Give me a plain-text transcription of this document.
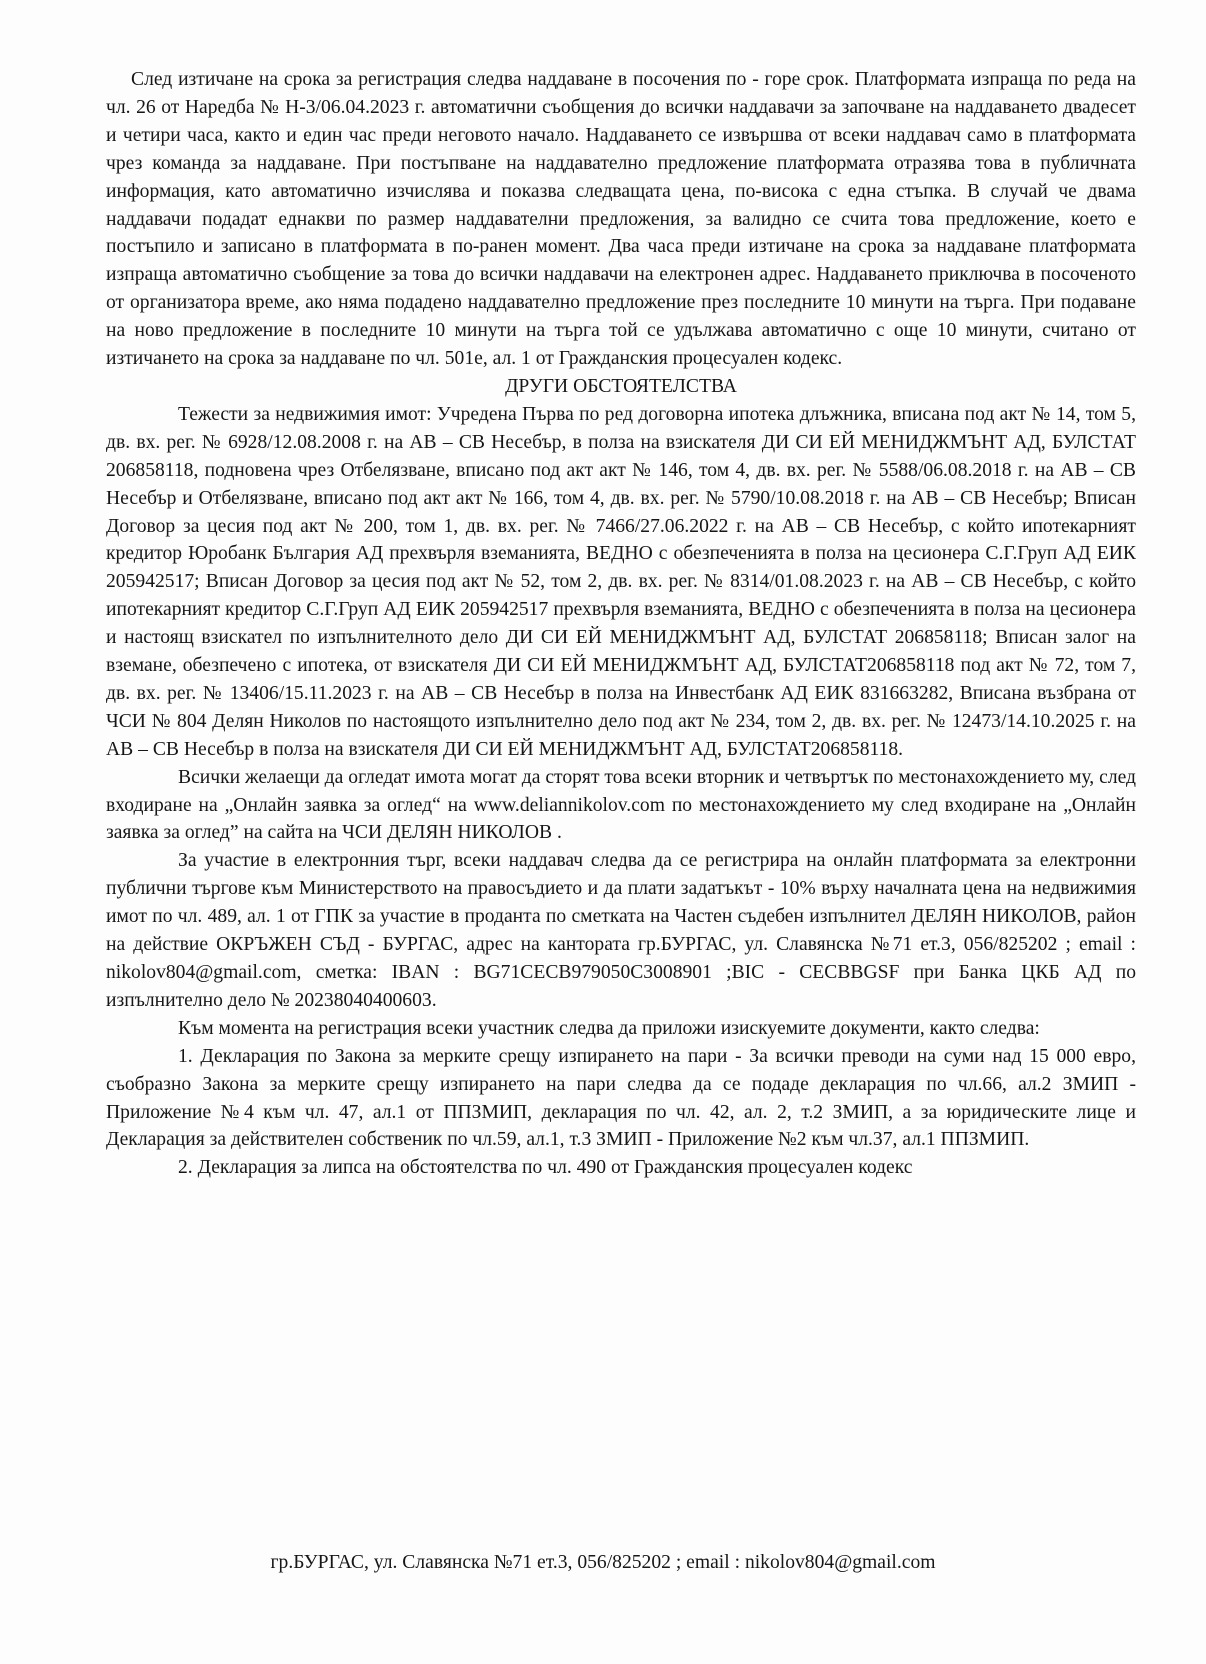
След изтичане на срока за регистрация следва наддаване в посочения по - горе срок. Платформата изпраща по реда на чл. 26 от Наредба № Н-3/06.04.2023 г. автоматични съобщения до всички наддавачи за започване на наддаването двадесет и четири часа, както и един час преди неговото начало. Наддаването се извършва от всеки наддавач само в платформата чрез команда за наддаване. При постъпване на наддавателно предложение платформата отразява това в публичната информация, като автоматично изчислява и показва следващата цена, по-висока с една стъпка. В случай че двама наддавачи подадат еднакви по размер наддавателни предложения, за валидно се счита това предложение, което е постъпило и записано в платформата в по-ранен момент. Два часа преди изтичане на срока за наддаване платформата изпраща автоматично съобщение за това до всички наддавачи на електронен адрес. Наддаването приключва в посоченото от организатора време, ако няма подадено наддавателно предложение през последните 10 минути на търга. При подаване на ново предложение в последните 10 минути на търга той се удължава автоматично с още 10 минути, считано от изтичането на срока за наддаване по чл. 501е, ал. 1 от Гражданския процесуален кодекс.

ДРУГИ ОБСТОЯТЕЛСТВА

Тежести за недвижимия имот: Учредена Първа по ред договорна ипотека длъжника, вписана под акт № 14, том 5, дв. вх. рег. № 6928/12.08.2008 г. на АВ – СВ Несебър, в полза на взискателя ДИ СИ ЕЙ МЕНИДЖМЪНТ АД, БУЛСТАТ 206858118, подновена чрез Отбелязване, вписано под акт акт № 146, том 4, дв. вх. рег. № 5588/06.08.2018 г. на АВ – СВ Несебър и Отбелязване, вписано под акт акт № 166, том 4, дв. вх. рег. № 5790/10.08.2018 г. на АВ – СВ Несебър; Вписан Договор за цесия под акт № 200, том 1, дв. вх. рег. № 7466/27.06.2022 г. на АВ – СВ Несебър, с който ипотекарният кредитор Юробанк България АД прехвърля вземанията, ВЕДНО с обезпеченията в полза на цесионера С.Г.Груп АД ЕИК 205942517; Вписан Договор за цесия под акт № 52, том 2, дв. вх. рег. № 8314/01.08.2023 г. на АВ – СВ Несебър, с който ипотекарният кредитор С.Г.Груп АД ЕИК 205942517 прехвърля вземанията, ВЕДНО с обезпеченията в полза на цесионера и настоящ взискател по изпълнителното дело ДИ СИ ЕЙ МЕНИДЖМЪНТ АД, БУЛСТАТ 206858118; Вписан залог на вземане, обезпечено с ипотека, от взискателя ДИ СИ ЕЙ МЕНИДЖМЪНТ АД, БУЛСТАТ206858118 под акт № 72, том 7, дв. вх. рег. № 13406/15.11.2023 г. на АВ – СВ Несебър в полза на Инвестбанк АД ЕИК 831663282, Вписана възбрана от ЧСИ № 804 Делян Николов по настоящото изпълнително дело под акт № 234, том 2, дв. вх. рег. № 12473/14.10.2025 г. на АВ – СВ Несебър в полза на взискателя ДИ СИ ЕЙ МЕНИДЖМЪНТ АД, БУЛСТАТ206858118.

Всички желаещи да огледат имота могат да сторят това всеки вторник и четвъртък по местонахождението му, след входиране на „Онлайн заявка за оглед“ на www.deliannikolov.com по местонахождението му след входиране на „Онлайн заявка за оглед” на сайта на ЧСИ ДЕЛЯН НИКОЛОВ .

За участие в електронния търг, всеки наддавач следва да се регистрира на онлайн платформата за електронни публични търгове към Министерството на правосъдието и да плати задатъкът - 10% върху началната цена на недвижимия имот по чл. 489, ал. 1 от ГПК за участие в проданта по сметката на Частен съдебен изпълнител ДЕЛЯН НИКОЛОВ, район на действие ОКРЪЖЕН СЪД - БУРГАС, адрес на кантората гр.БУРГАС, ул. Славянска №71 ет.3, 056/825202 ; email : nikolov804@gmail.com, сметка: IBAN : BG71CECB979050C3008901 ;BIC - CECBBGSF при Банка ЦКБ АД по изпълнително дело № 20238040400603.

Към момента на регистрация всеки участник следва да приложи изискуемите документи, както следва:

1. Декларация по Закона за мерките срещу изпирането на пари - За всички преводи на суми над 15 000 евро, съобразно Закона за мерките срещу изпирането на пари следва да се подаде декларация по чл.66, ал.2 ЗМИП - Приложение №4 към чл. 47, ал.1 от ППЗМИП, декларация по чл. 42, ал. 2, т.2 ЗМИП, а за юридическите лице и Декларация за действителен собственик по чл.59, ал.1, т.3 ЗМИП - Приложение №2 към чл.37, ал.1 ППЗМИП.

2. Декларация за липса на обстоятелства по чл. 490 от Гражданския процесуален кодекс

гр.БУРГАС, ул. Славянска №71 ет.3, 056/825202 ; email : nikolov804@gmail.com
